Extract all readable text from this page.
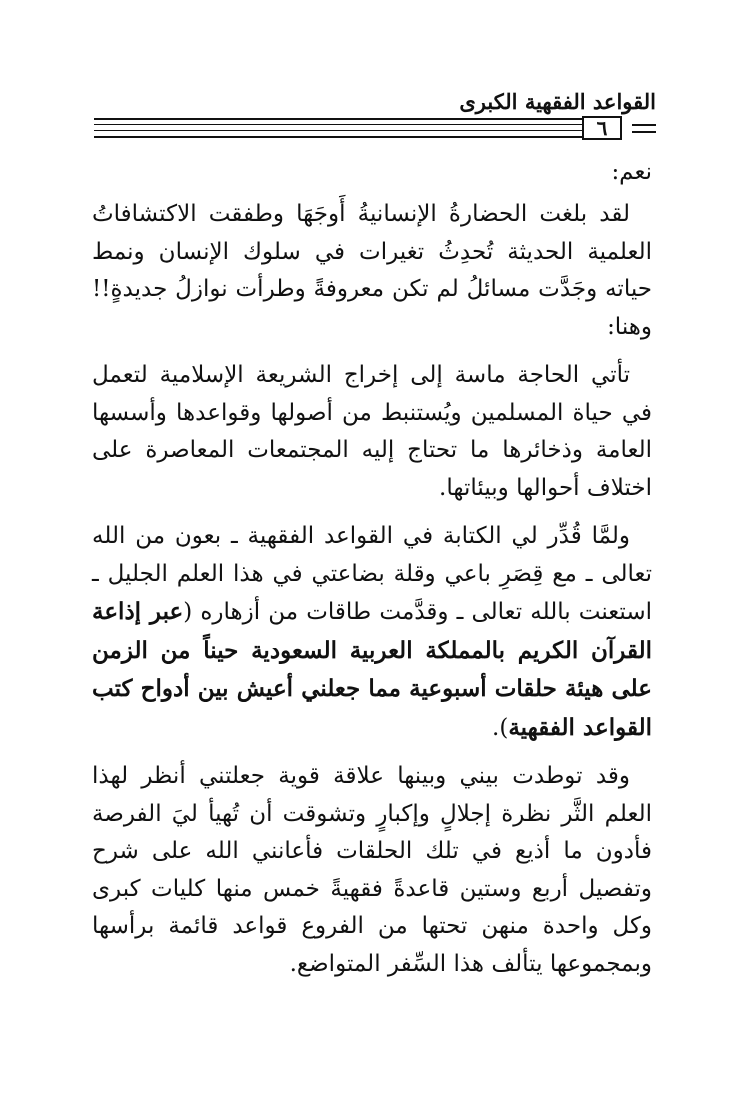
القواعد الفقهية الكبرى
٦

نعم:

لقد بلغت الحضارةُ الإنسانيةُ أَوجَهَا وطفقت الاكتشافاتُ العلمية الحديثة تُحدِثُ تغيرات في سلوك الإنسان ونمط حياته وجَدَّت مسائلُ لم تكن معروفةً وطرأت نوازلُ جديدةٍ!! وهنا:

تأتي الحاجة ماسة إلى إخراج الشريعة الإسلامية لتعمل في حياة المسلمين ويُستنبط من أصولها وقواعدها وأسسها العامة وذخائرها ما تحتاج إليه المجتمعات المعاصرة على اختلاف أحوالها وبيئاتها.

ولمَّا قُدِّر لي الكتابة في القواعد الفقهية ـ بعون من الله تعالى ـ مع قِصَرِ باعي وقلة بضاعتي في هذا العلم الجليل ـ استعنت بالله تعالى ـ وقدَّمت طاقات من أزهاره (عبر إذاعة القرآن الكريم بالمملكة العربية السعودية حيناً من الزمن على هيئة حلقات أسبوعية مما جعلني أعيش بين أدواح كتب القواعد الفقهية).

وقد توطدت بيني وبينها علاقة قوية جعلتني أنظر لهذا العلم الثَّر نظرة إجلالٍ وإكبارٍ وتشوقت أن تُهيأ ليَ الفرصة فأدون ما أذيع في تلك الحلقات فأعانني الله على شرح وتفصيل أربع وستين قاعدةً فقهيةً خمس منها كليات كبرى وكل واحدة منهن تحتها من الفروع قواعد قائمة برأسها وبمجموعها يتألف هذا السِّفر المتواضع.
